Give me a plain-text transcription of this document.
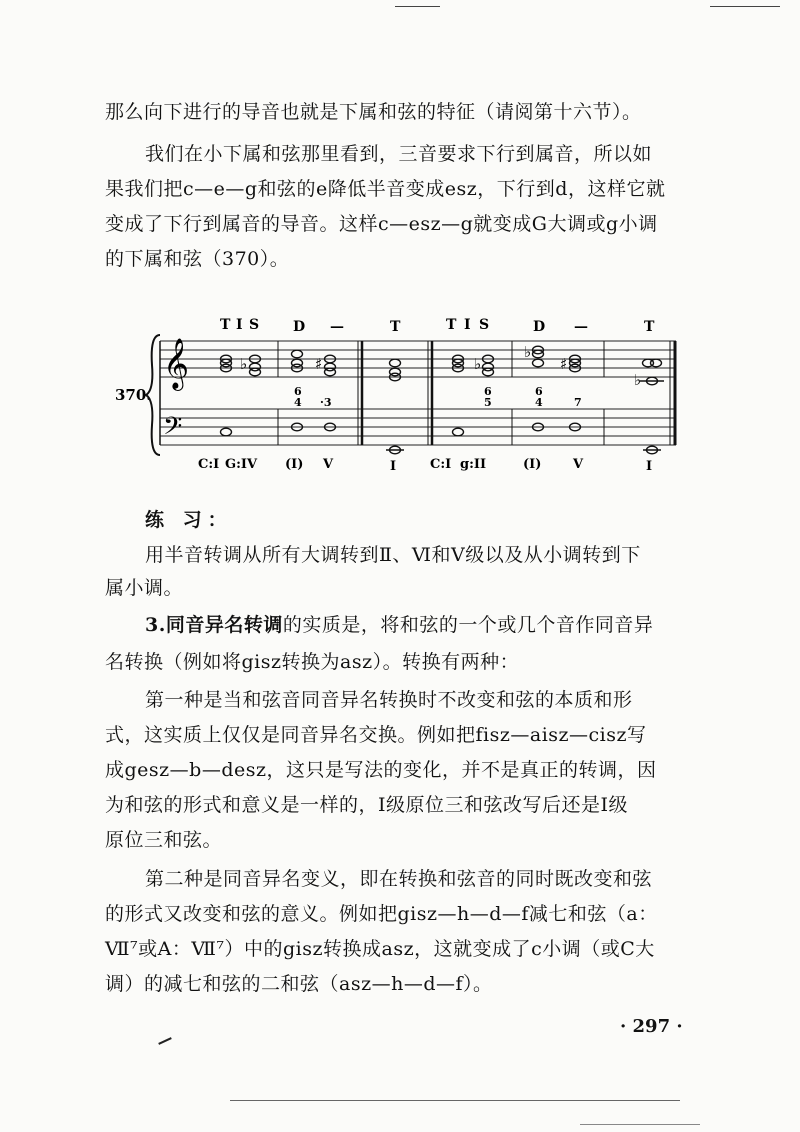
那么向下进行的导音也就是下属和弦的特征（请阅第十六节）。

我们在小下属和弦那里看到，三音要求下行到属音，所以如

果我们把c—e—g和弦的e降低半音变成esz，下行到d，这样它就

变成了下行到属音的导音。这样c—esz—g就变成G大调或g小调

的下属和弦（370）。

370.
𝄞
𝄢
T I S D —	T	T I S	D —	T
♭	♯	♭
♭
♯
♭
6
4 ·3
6
5
6
4	7
C:I G:IV (I) V	I	C:I g:II	(I) V	I

练 习：

用半音转调从所有大调转到Ⅱ、Ⅵ和Ⅴ级以及从小调转到下

属小调。

3.同音异名转调的实质是，将和弦的一个或几个音作同音异

名转换（例如将gisz转换为asz）。转换有两种：

第一种是当和弦音同音异名转换时不改变和弦的本质和形

式，这实质上仅仅是同音异名交换。例如把fisz—aisz—cisz写

成gesz—b—desz，这只是写法的变化，并不是真正的转调，因

为和弦的形式和意义是一样的，Ⅰ级原位三和弦改写后还是Ⅰ级

原位三和弦。

第二种是同音异名变义，即在转换和弦音的同时既改变和弦

的形式又改变和弦的意义。例如把gisz—h—d—f减七和弦（a：

Ⅶ⁷或A：Ⅶ⁷）中的gisz转换成asz，这就变成了c小调（或C大

调）的减七和弦的二和弦（asz—h—d—f）。

· 297 ·
